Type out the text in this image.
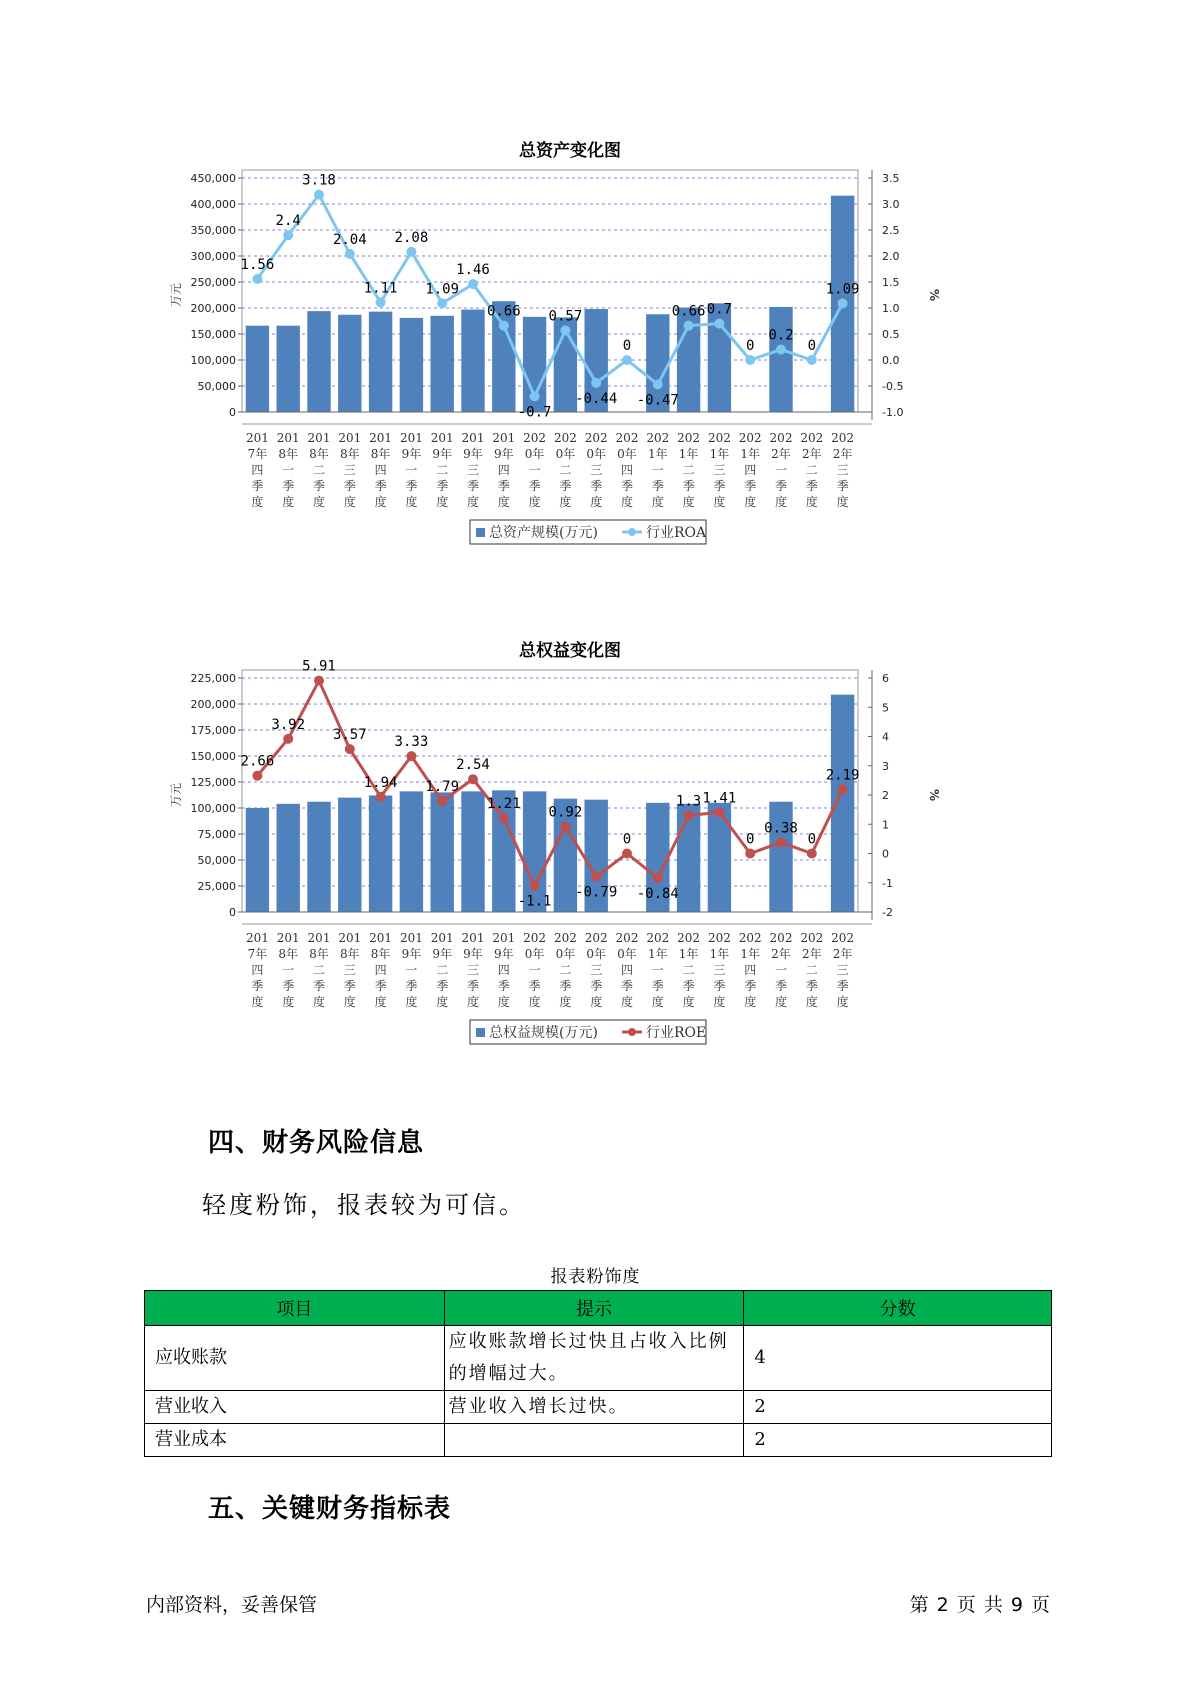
总资产变化图
450,000
400,000
350,000
300,000
250,000
200,000
150,000
100,000
50,000
0
3.5
3.0
2.5
2.0
1.5
1.0
0.5
0.0
-0.5
-1.0
万元	%
201
7年
四
季
度
201
8年
一
季
度
201
8年
二
季
度
201
8年
三
季
度
201
8年
四
季
度
201
9年
一
季
度
201
9年
二
季
度
201
9年
三
季
度
201
9年
四
季
度
202
0年
一
季
度
202
0年
二
季
度
202
0年
三
季
度
202
0年
四
季
度
202
1年
一
季
度
202
1年
二
季
度
202
1年
三
季
度
202
1年
四
季
度
202
2年
一
季
度
202
2年
二
季
度
202
2年
三
季
度
1.56
2.4
3.18
2.04
1.11
2.08
1.09
1.46
0.66
-0.7
0.57
-0.44
0
-0.47
0.66 0.7
0
0.2
0
1.09
总资产规模(万元)	行业ROA
总权益变化图
225,000
200,000
175,000
150,000
125,000
100,000
75,000
50,000
25,000
0
6
5
4
3
2
1
0
-1
-2
万元	%
201
7年
四
季
度
201
8年
一
季
度
201
8年
二
季
度
201
8年
三
季
度
201
8年
四
季
度
201
9年
一
季
度
201
9年
二
季
度
201
9年
三
季
度
201
9年
四
季
度
202
0年
一
季
度
202
0年
二
季
度
202
0年
三
季
度
202
0年
四
季
度
202
1年
一
季
度
202
1年
二
季
度
202
1年
三
季
度
202
1年
四
季
度
202
2年
一
季
度
202
2年
二
季
度
202
2年
三
季
度
2.66
3.92
5.91
3.57
1.94
3.33
1.79
2.54
1.21
-1.1
0.92
-0.79
0
-0.84
1.3 1.41
0
0.38
0
2.19
总权益规模(万元)	行业ROE
四、财务风险信息
轻度粉饰，报表较为可信。
报表粉饰度
项目	提示	分数
应收账款	应收账款增长过快且占收入比例的增幅过大。	4
营业收入	营业收入增长过快。	2
营业成本		2
五、关键财务指标表
内部资料，妥善保管	第 2 页 共 9 页
